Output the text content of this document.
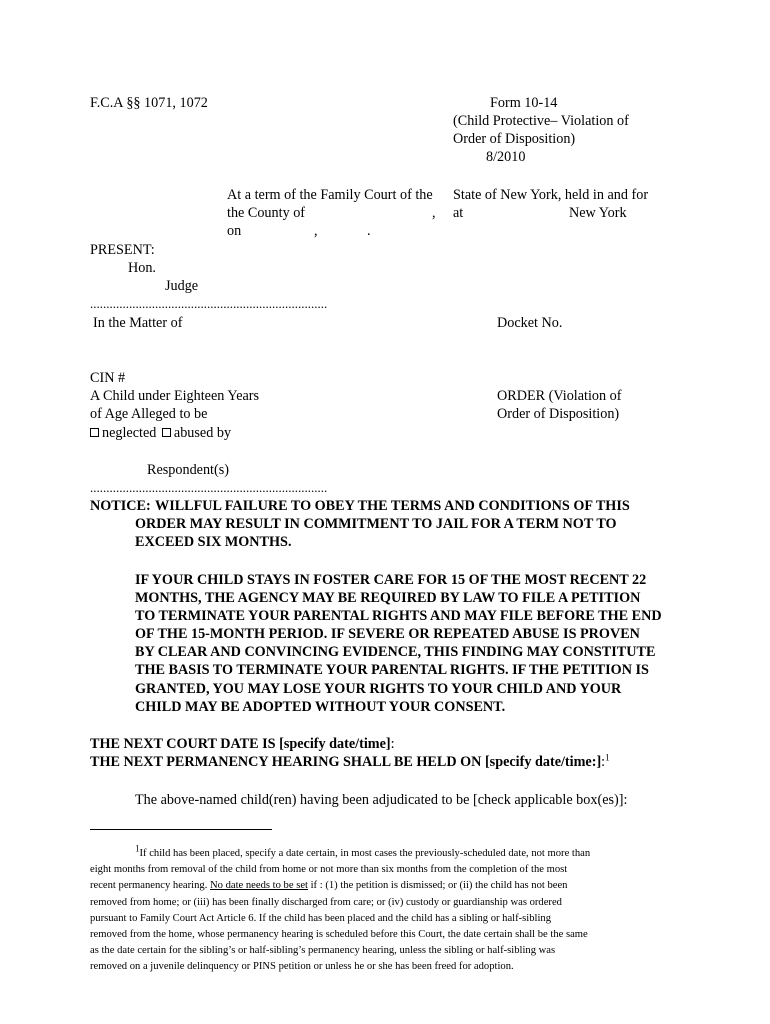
F.C.A §§ 1071, 1072	Form 10-14
(Child Protective– Violation of
Order of Disposition)
8/2010
At a term of the Family Court of the State of New York, held in and for
the County of	, at	New York
on	,	.
PRESENT:
Hon.
Judge
.........................................................................
In the Matter of	Docket No.
CIN #
A Child under Eighteen Years
of Age Alleged to be
neglected abused by
ORDER (Violation of
Order of Disposition)
Respondent(s)
.........................................................................
NOTICE: WILLFUL FAILURE TO OBEY THE TERMS AND CONDITIONS OF THIS
ORDER MAY RESULT IN COMMITMENT TO JAIL FOR A TERM NOT TO
EXCEED SIX MONTHS.
IF YOUR CHILD STAYS IN FOSTER CARE FOR 15 OF THE MOST RECENT 22
MONTHS, THE AGENCY MAY BE REQUIRED BY LAW TO FILE A PETITION
TO TERMINATE YOUR PARENTAL RIGHTS AND MAY FILE BEFORE THE END
OF THE 15-MONTH PERIOD. IF SEVERE OR REPEATED ABUSE IS PROVEN
BY CLEAR AND CONVINCING EVIDENCE, THIS FINDING MAY CONSTITUTE
THE BASIS TO TERMINATE YOUR PARENTAL RIGHTS. IF THE PETITION IS
GRANTED, YOU MAY LOSE YOUR RIGHTS TO YOUR CHILD AND YOUR
CHILD MAY BE ADOPTED WITHOUT YOUR CONSENT.
THE NEXT COURT DATE IS [specify date/time]:
THE NEXT PERMANENCY HEARING SHALL BE HELD ON [specify date/time:]:$^1$
The above-named child(ren) having been adjudicated to be [check applicable box(es)]:
$^1$If child has been placed, specify a date certain, in most cases the previously-scheduled date, not more than
eight months from removal of the child from home or not more than six months from the completion of the most
recent permanency hearing. No date needs to be set if : (1) the petition is dismissed; or (ii) the child has not been
removed from home; or (iii) has been finally discharged from care; or (iv) custody or guardianship was ordered
pursuant to Family Court Act Article 6. If the child has been placed and the child has a sibling or half-sibling
removed from the home, whose permanency hearing is scheduled before this Court, the date certain shall be the same
as the date certain for the sibling’s or half-sibling’s permanency hearing, unless the sibling or half-sibling was
removed on a juvenile delinquency or PINS petition or unless he or she has been freed for adoption.
